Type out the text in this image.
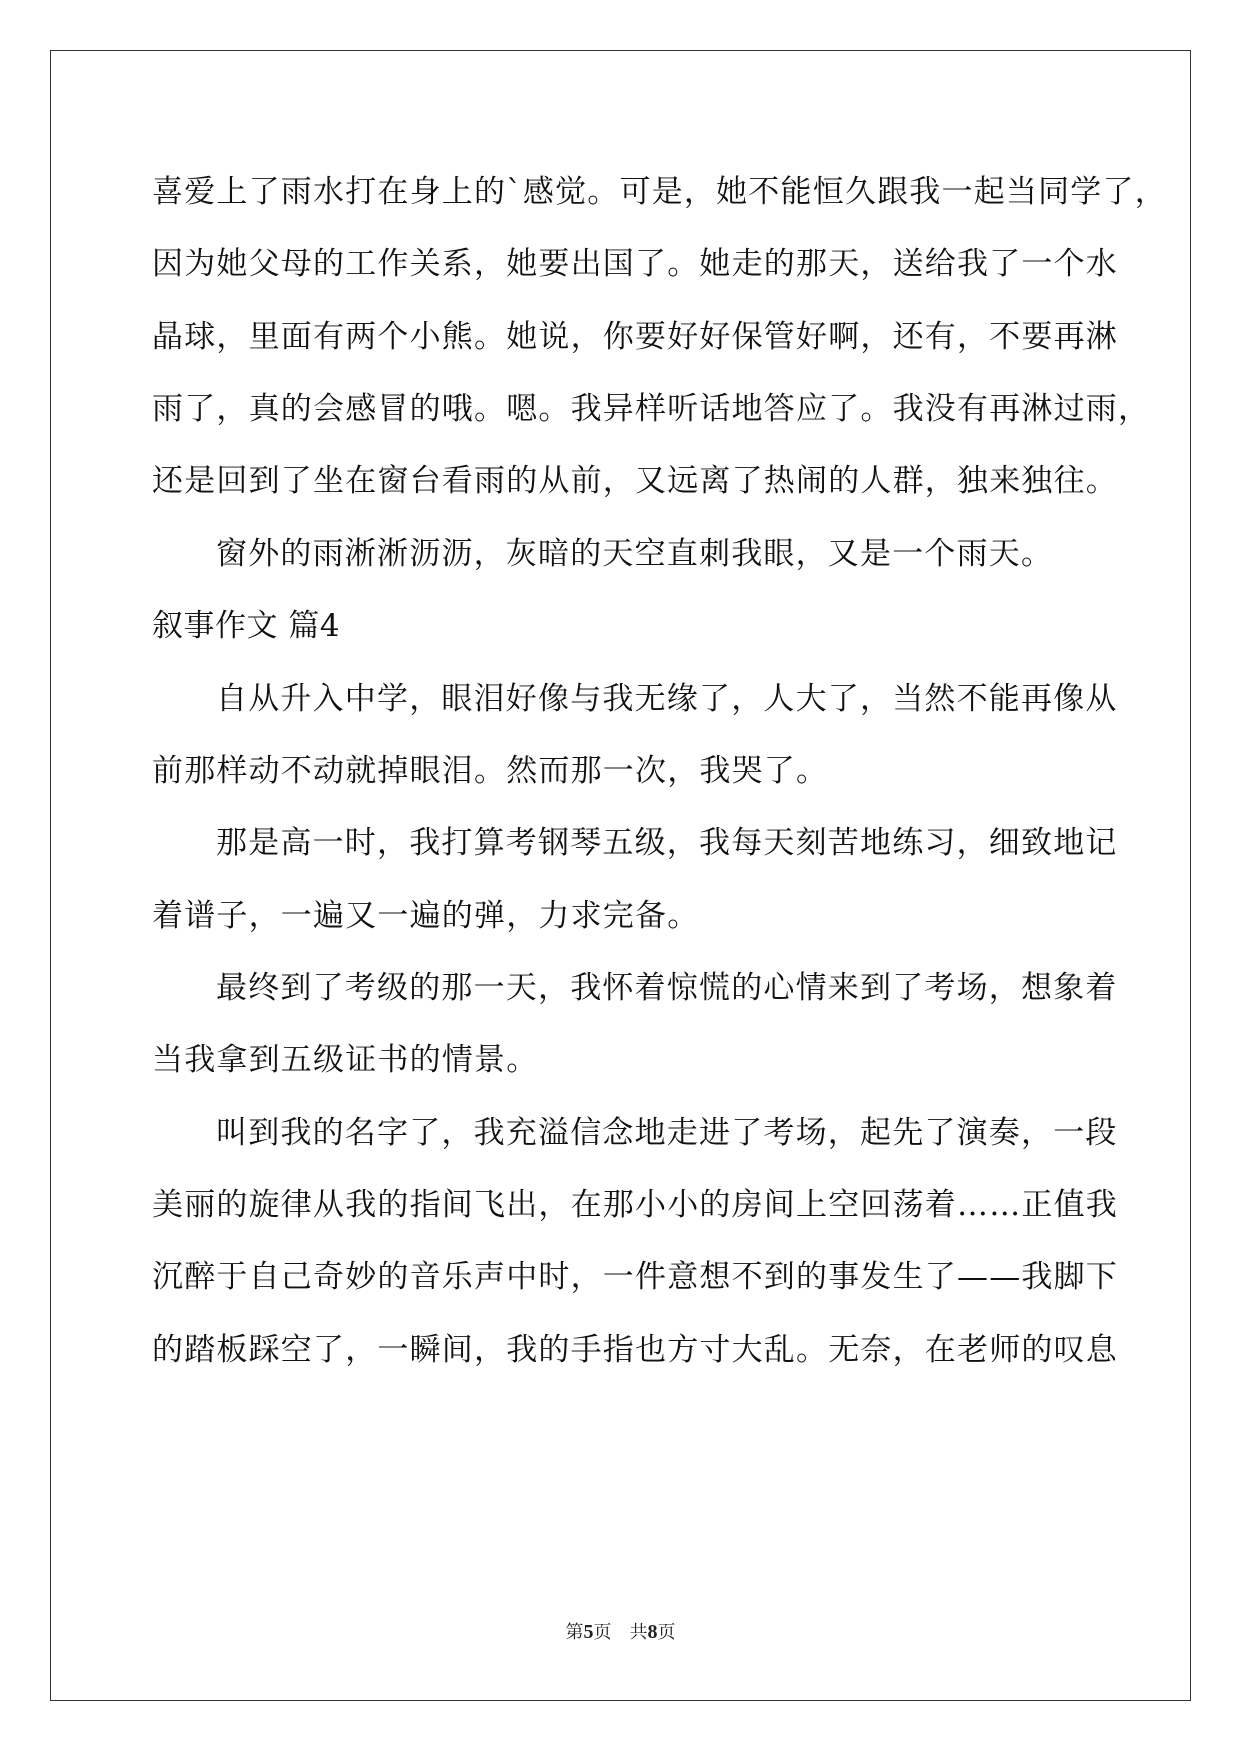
喜爱上了雨水打在身上的`感觉。可是，她不能恒久跟我一起当同学了，
因为她父母的工作关系，她要出国了。她走的那天，送给我了一个水
晶球，里面有两个小熊。她说，你要好好保管好啊，还有，不要再淋
雨了，真的会感冒的哦。嗯。我异样听话地答应了。我没有再淋过雨，
还是回到了坐在窗台看雨的从前，又远离了热闹的人群，独来独往。
窗外的雨淅淅沥沥，灰暗的天空直刺我眼，又是一个雨天。
叙事作文 篇4
自从升入中学，眼泪好像与我无缘了，人大了，当然不能再像从
前那样动不动就掉眼泪。然而那一次，我哭了。
那是高一时，我打算考钢琴五级，我每天刻苦地练习，细致地记
着谱子，一遍又一遍的弹，力求完备。
最终到了考级的那一天，我怀着惊慌的心情来到了考场，想象着
当我拿到五级证书的情景。
叫到我的名字了，我充溢信念地走进了考场，起先了演奏，一段
美丽的旋律从我的指间飞出，在那小小的房间上空回荡着……正值我
沉醉于自己奇妙的音乐声中时，一件意想不到的事发生了——我脚下
的踏板踩空了，一瞬间，我的手指也方寸大乱。无奈，在老师的叹息
第5页　共8页
